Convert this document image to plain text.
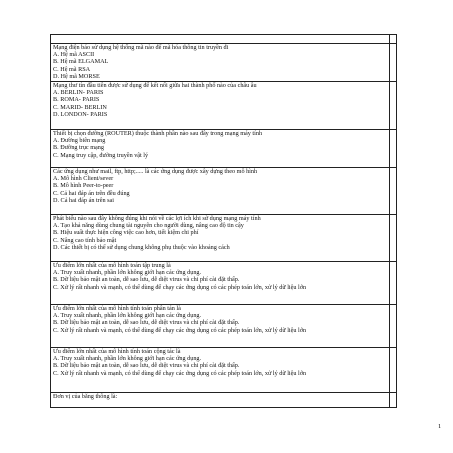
Mạng điện báo sử dụng hệ thống mã nào để mã hóa thông tin truyền đi
A. Hệ mã ASCII
B. Hệ mã ELGAMAL
C. Hệ mã RSA
D. Hệ mã MORSE	

Mạng thư tín đầu tiên được sử dụng để kết nối giữa hai thành phố nào của châu âu
A. BERLIN- PARIS
B. ROMA- PARIS
C. MARID- BERLIN
D. LONDON- PARIS	

Thiết bị chọn đường (ROUTER) thuộc thành phần nào sau đây trong mạng máy tính
A. Đường biên mạng
B. Đường trục mạng
C. Mạng truy cập, đường truyền vật lý	

Các ứng dụng như mail, ftp, http;..... là các ứng dụng được xây dựng theo mô hình
A. Mô hình Client/sever
B. Mô hình Peer-to-peer
C. Cả hai đáp án trên đều đúng
D. Cả hai đáp án trên sai	

Phát biểu nào sau đây không đúng khi nói về các lợi ích khi sử dụng mạng máy tính
A. Tạo khả năng dùng chung tài nguyên cho người dùng, nâng cao độ tin cậy
B. Hiệu suất thực hiện công việc cao hơn, tiết kiệm chi phí
C. Nâng cao tính bảo mật
D. Các thiết bị có thể sử dụng chung không phụ thuộc vào khoảng cách	

Ưu điểm lớn nhất của mô hình toán tập trung là
A. Truy xuất nhanh, phần lớn không giới hạn các ứng dụng.
B. Dữ liệu bảo mật an toàn, dễ sao lưu, dễ diệt virus và chi phí cài đặt thấp.
C. Xử lý rất nhanh và mạnh, có thể dùng để chạy các ứng dụng có các phép toán lớn, xử lý dữ liệu lớn	

Ưu điểm lớn nhất của mô hình tính toán phân tán là
A. Truy xuất nhanh, phần lớn không giới hạn các ứng dụng.
B. Dữ liệu bảo mật an toàn, dễ sao lưu, dễ diệt virus và chi phí cài đặt thấp.
C. Xử lý rất nhanh và mạnh, có thể dùng để chạy các ứng dụng có các phép toán lớn, xử lý dữ liệu lớn	

Ưu điểm lớn nhất của mô hình tính toán cộng tác là
A. Truy xuất nhanh, phần lớn không giới hạn các ứng dụng.
B. Dữ liệu bảo mật an toàn, dễ sao lưu, dễ diệt virus và chi phí cài đặt thấp.
C. Xử lý rất nhanh và mạnh, có thể dùng để chạy các ứng dụng có các phép toán lớn, xử lý dữ liệu lớn	

Đơn vị của băng thông là:	

1
